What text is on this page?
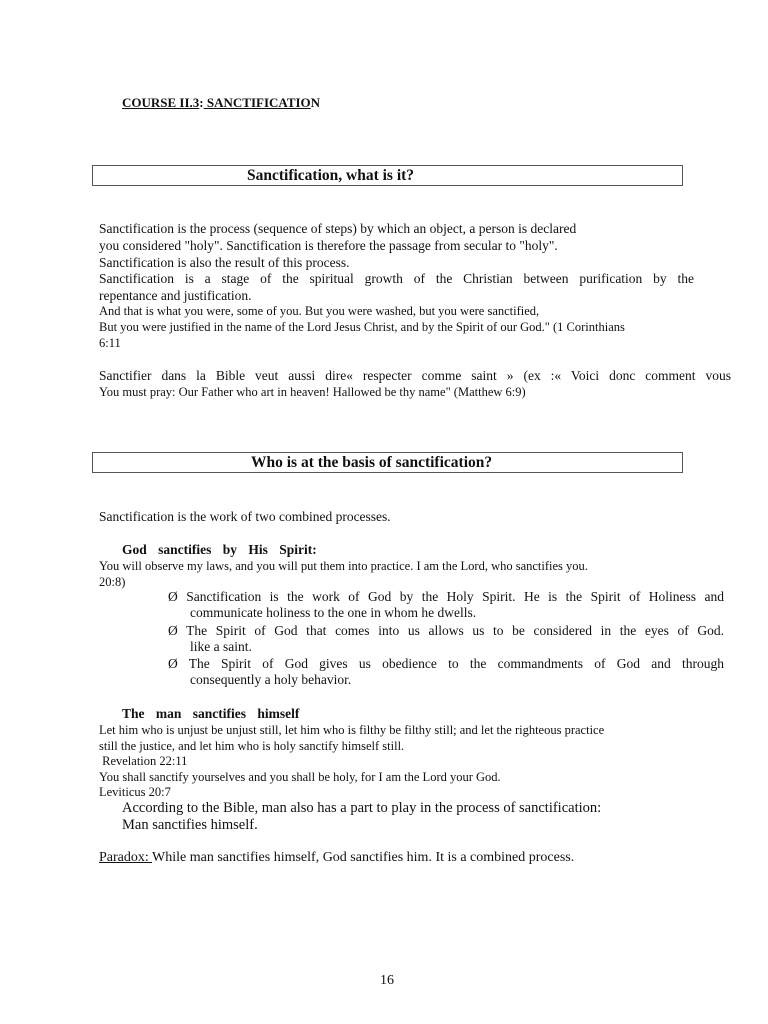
COURSE II.3: SANCTIFICATION
Sanctification, what is it?
Sanctification is the process (sequence of steps) by which an object, a person is declared
you considered "holy". Sanctification is therefore the passage from secular to "holy".
Sanctification is also the result of this process.
Sanctification is a stage of the spiritual growth of the Christian between purification by the
repentance and justification.
And that is what you were, some of you. But you were washed, but you were sanctified,
But you were justified in the name of the Lord Jesus Christ, and by the Spirit of our God." (1 Corinthians
6:11
Sanctifier dans la Bible veut aussi dire« respecter comme saint » (ex :« Voici donc comment vous
You must pray: Our Father who art in heaven! Hallowed be thy name" (Matthew 6:9)
Who is at the basis of sanctification?
Sanctification is the work of two combined processes.
God sanctifies by His Spirit:
You will observe my laws, and you will put them into practice. I am the Lord, who sanctifies you.
20:8)
Ø Sanctification is the work of God by the Holy Spirit. He is the Spirit of Holiness and
communicate holiness to the one in whom he dwells.
Ø The Spirit of God that comes into us allows us to be considered in the eyes of God.
like a saint.
Ø The Spirit of God gives us obedience to the commandments of God and through
consequently a holy behavior.
The man sanctifies himself
Let him who is unjust be unjust still, let him who is filthy be filthy still; and let the righteous practice
still the justice, and let him who is holy sanctify himself still.
Revelation 22:11
You shall sanctify yourselves and you shall be holy, for I am the Lord your God.
Leviticus 20:7
According to the Bible, man also has a part to play in the process of sanctification:
Man sanctifies himself.
Paradox: While man sanctifies himself, God sanctifies him. It is a combined process.
16
